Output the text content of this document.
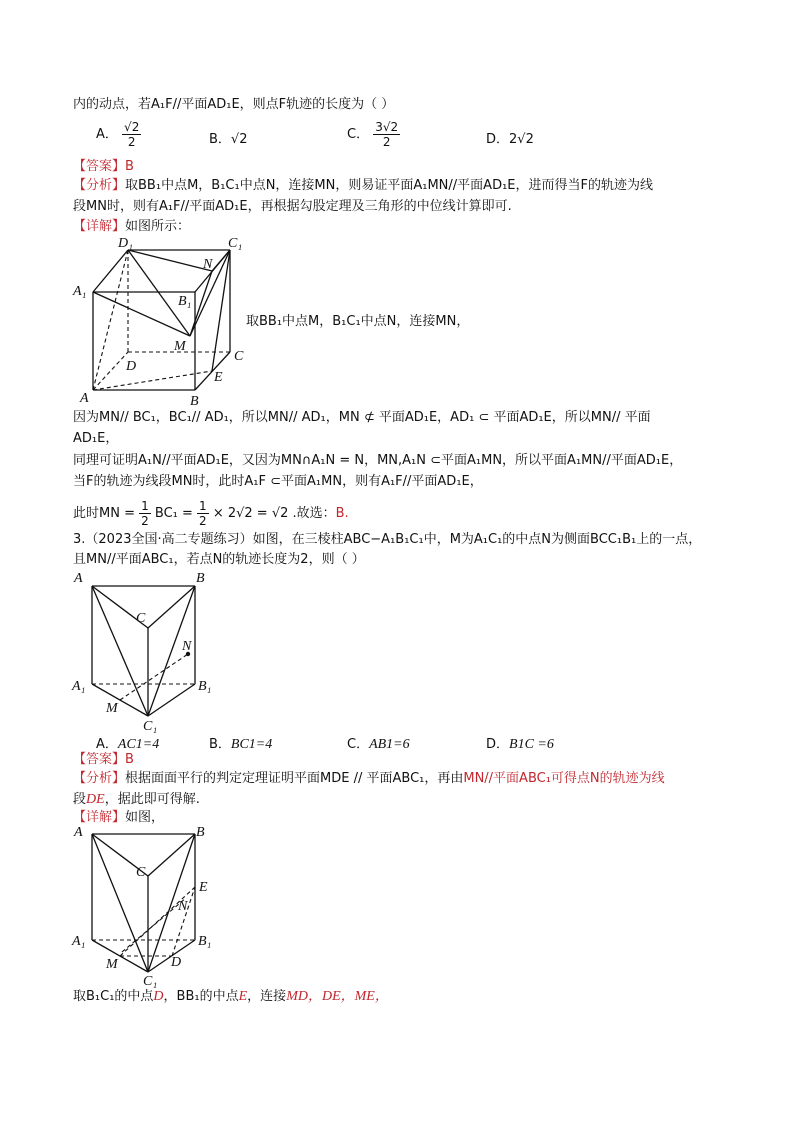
内的动点，若A₁F//平面AD₁E，则点F轨迹的长度为（ ）
A． $\frac{√2}{2}$	B．√2	C． $\frac{3√2}{2}$	D．2√2
【答案】B
【分析】取BB₁中点M，B₁C₁中点N，连接MN，则易证平面A₁MN//平面AD₁E，进而得当F的轨迹为线
段MN时，则有A₁F//平面AD₁E，再根据勾股定理及三角形的中位线计算即可.
【详解】如图所示：
D₁	C₁
N
A₁
B₁
M
C
D
E
A	B
取BB₁中点M，B₁C₁中点N，连接MN，
因为MN// BC₁，BC₁// AD₁，所以MN// AD₁，MN ⊄ 平面AD₁E，AD₁ ⊂ 平面AD₁E，所以MN// 平面
AD₁E，
同理可证明A₁N//平面AD₁E，又因为MN∩A₁N = N，MN,A₁N ⊂平面A₁MN，所以平面A₁MN//平面AD₁E，
当F的轨迹为线段MN时，此时A₁F ⊂平面A₁MN，则有A₁F//平面AD₁E，
此时MN = $\frac{1}{2} BC_1 = \frac{1}{2} \times 2√2 = √2$ .故选：B.
3.（2023全国·高二专题练习）如图，在三棱柱ABC−A₁B₁C₁中，M为A₁C₁的中点N为侧面BCC₁B₁上的一点，
且MN//平面ABC₁，若点N的轨迹长度为2，则（ ）
A	B
C
N
A₁	B₁
M
C₁
A．AC1=4	B．BC1=4	C．AB1=6	D．B1C =6
【答案】B
【分析】根据面面平行的判定定理证明平面MDE // 平面ABC₁，再由MN//平面ABC₁可得点N的轨迹为线
段DE，据此即可得解.
【详解】如图，
A	B
C
E
N
A₁	B₁
M	D
C₁
取B₁C₁的中点D，BB₁的中点E，连接MD，DE，ME，
